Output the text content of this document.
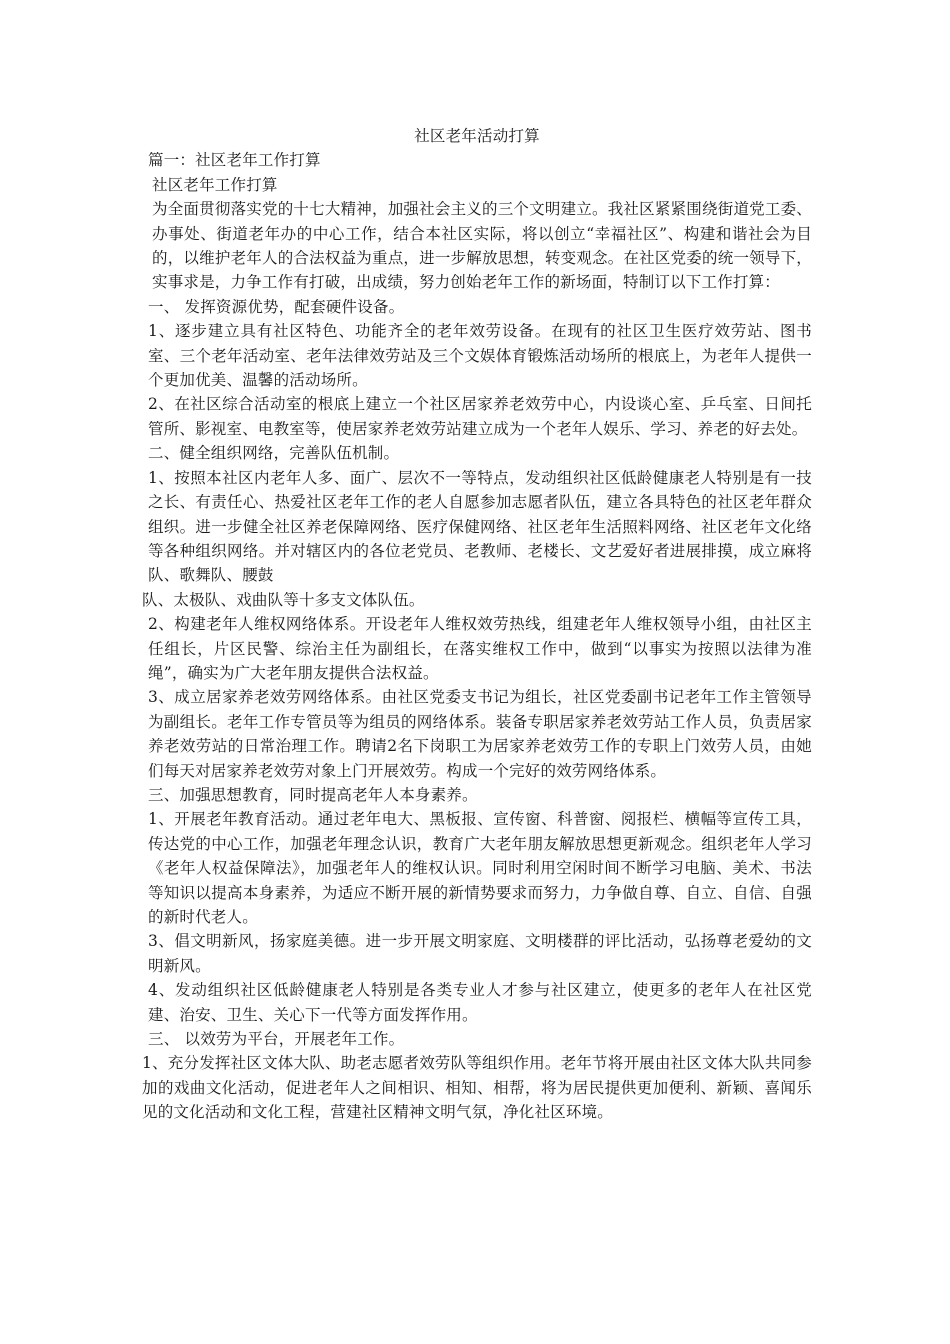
社区老年活动打算

篇一：社区老年工作打算

社区老年工作打算

为全面贯彻落实党的十七大精神，加强社会主义的三个文明建立。我社区紧紧围绕街道党工委、办事处、街道老年办的中心工作，结合本社区实际，将以创立“幸福社区”、构建和谐社会为目的，以维护老年人的合法权益为重点，进一步解放思想，转变观念。在社区党委的统一领导下，实事求是，力争工作有打破，出成绩，努力创始老年工作的新场面，特制订以下工作打算：

一、 发挥资源优势，配套硬件设备。

1、逐步建立具有社区特色、功能齐全的老年效劳设备。在现有的社区卫生医疗效劳站、图书室、三个老年活动室、老年法律效劳站及三个文娱体育锻炼活动场所的根底上，为老年人提供一个更加优美、温馨的活动场所。

2、在社区综合活动室的根底上建立一个社区居家养老效劳中心，内设谈心室、乒乓室、日间托管所、影视室、电教室等，使居家养老效劳站建立成为一个老年人娱乐、学习、养老的好去处。

二、健全组织网络，完善队伍机制。

1、按照本社区内老年人多、面广、层次不一等特点，发动组织社区低龄健康老人特别是有一技之长、有责任心、热爱社区老年工作的老人自愿参加志愿者队伍，建立各具特色的社区老年群众组织。进一步健全社区养老保障网络、医疗保健网络、社区老年生活照料网络、社区老年文化络等各种组织网络。并对辖区内的各位老党员、老教师、老楼长、文艺爱好者进展排摸，成立麻将队、歌舞队、腰鼓

队、太极队、戏曲队等十多支文体队伍。

2、构建老年人维权网络体系。开设老年人维权效劳热线，组建老年人维权领导小组，由社区主任组长，片区民警、综治主任为副组长，在落实维权工作中，做到“以事实为按照以法律为准绳”，确实为广大老年朋友提供合法权益。

3、成立居家养老效劳网络体系。由社区党委支书记为组长，社区党委副书记老年工作主管领导为副组长。老年工作专管员等为组员的网络体系。装备专职居家养老效劳站工作人员，负责居家养老效劳站的日常治理工作。聘请2名下岗职工为居家养老效劳工作的专职上门效劳人员，由她们每天对居家养老效劳对象上门开展效劳。构成一个完好的效劳网络体系。

三、加强思想教育，同时提高老年人本身素养。

1、开展老年教育活动。通过老年电大、黑板报、宣传窗、科普窗、阅报栏、横幅等宣传工具，传达党的中心工作，加强老年理念认识，教育广大老年朋友解放思想更新观念。组织老年人学习《老年人权益保障法》，加强老年人的维权认识。同时利用空闲时间不断学习电脑、美术、书法等知识以提高本身素养，为适应不断开展的新情势要求而努力，力争做自尊、自立、自信、自强的新时代老人。

3、倡文明新风，扬家庭美德。进一步开展文明家庭、文明楼群的评比活动，弘扬尊老爱幼的文明新风。

4、发动组织社区低龄健康老人特别是各类专业人才参与社区建立，使更多的老年人在社区党建、治安、卫生、关心下一代等方面发挥作用。

三、 以效劳为平台，开展老年工作。

1、充分发挥社区文体大队、助老志愿者效劳队等组织作用。老年节将开展由社区文体大队共同参加的戏曲文化活动，促进老年人之间相识、相知、相帮，将为居民提供更加便利、新颖、喜闻乐见的文化活动和文化工程，营建社区精神文明气氛，净化社区环境。
